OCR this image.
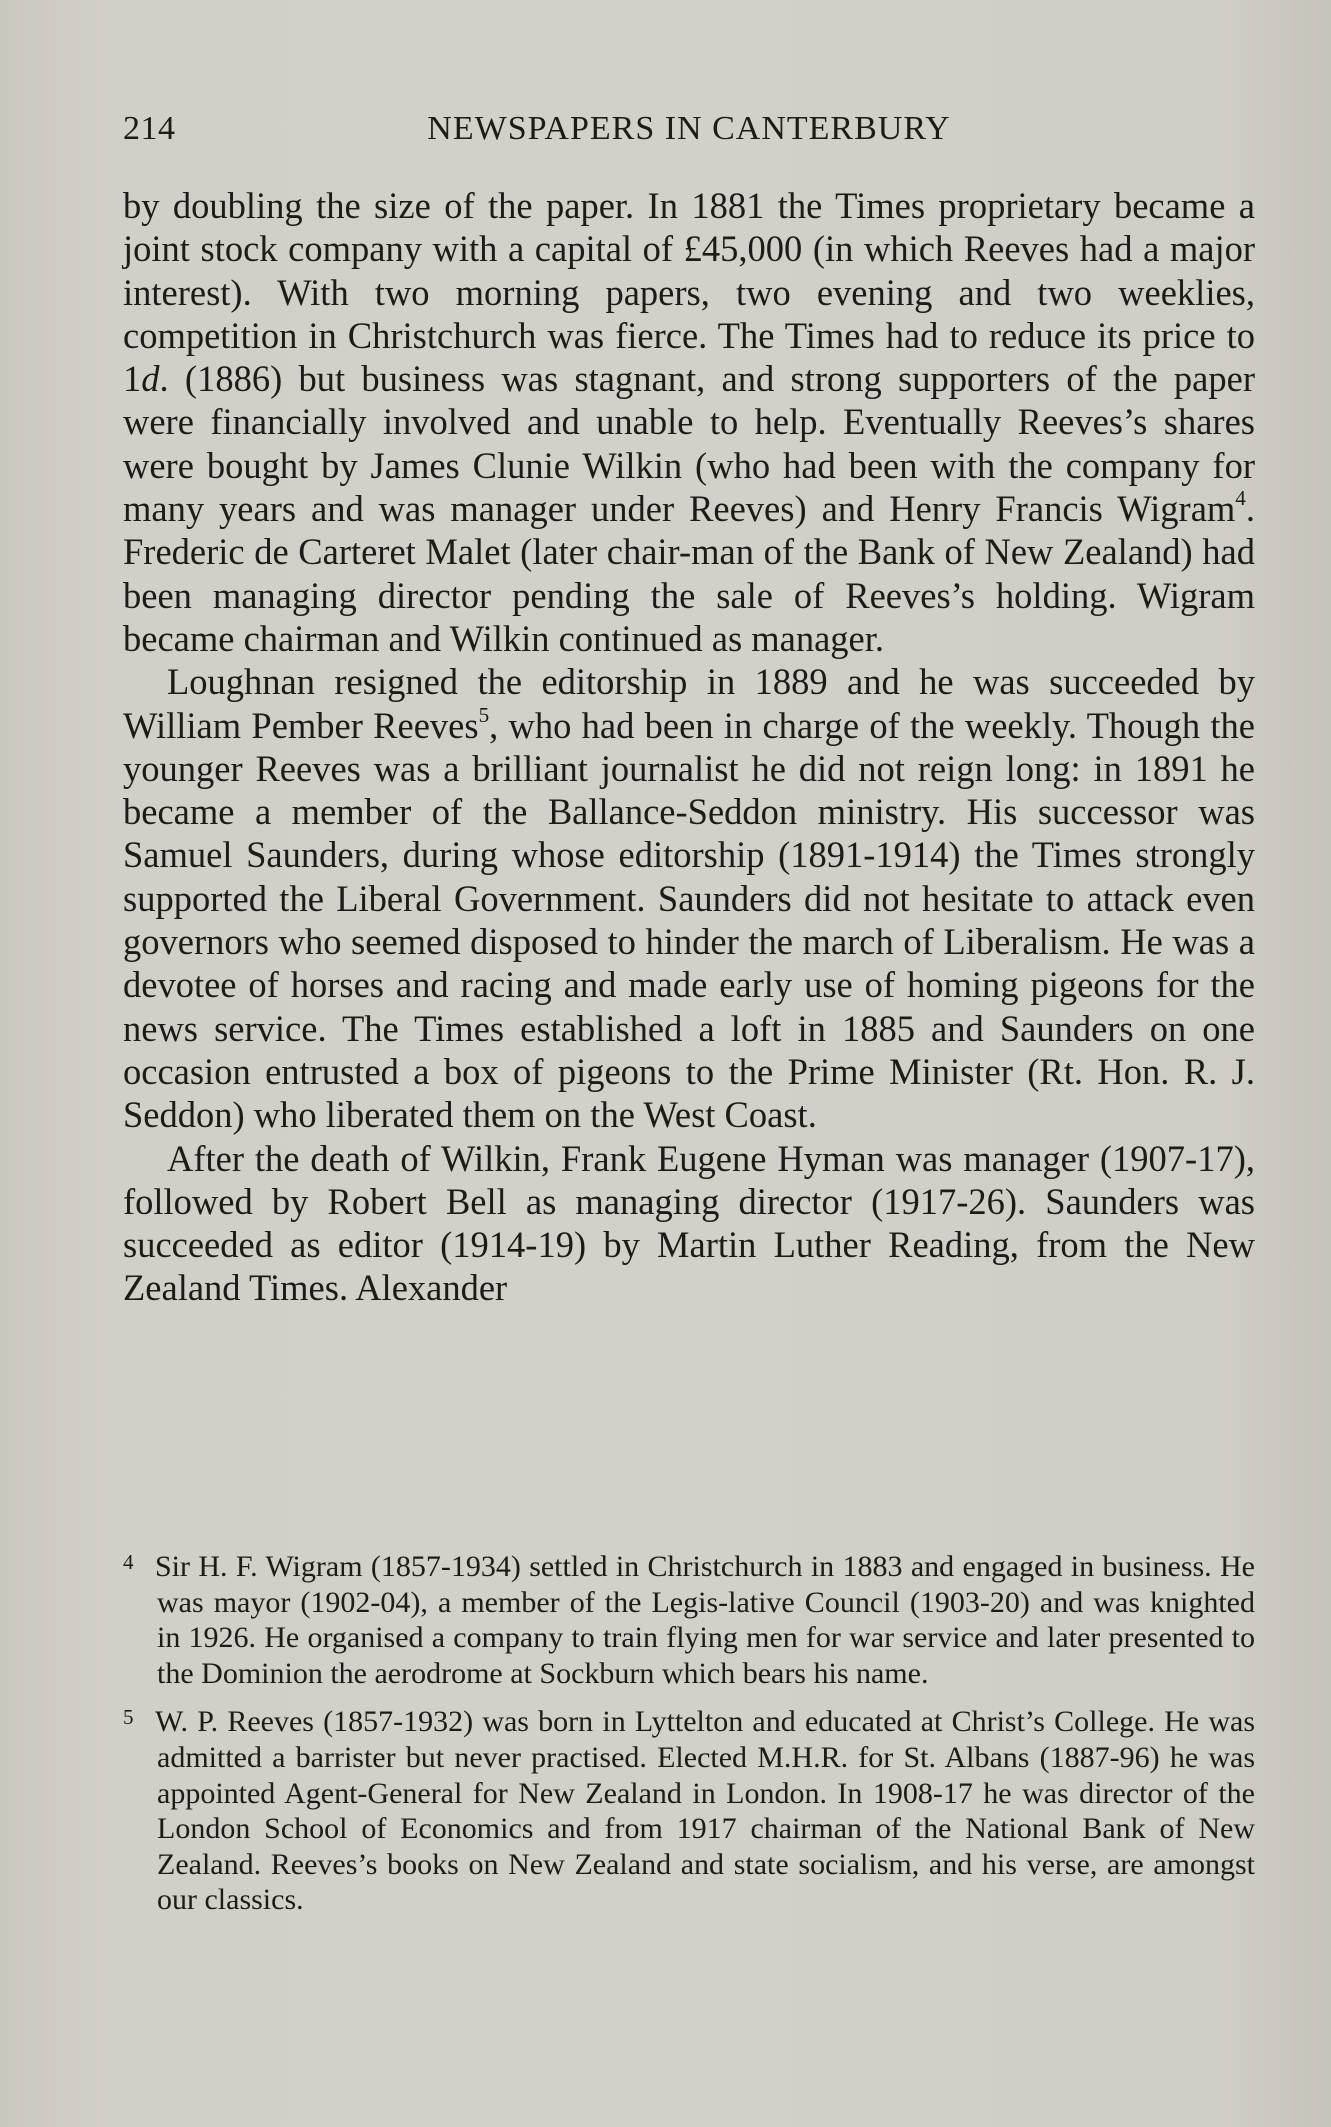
214	NEWSPAPERS IN CANTERBURY

by doubling the size of the paper. In 1881 the Times proprietary became a joint stock company with a capital of £45,000 (in which Reeves had a major interest). With two morning papers, two evening and two weeklies, competition in Christchurch was fierce. The Times had to reduce its price to 1d. (1886) but business was stagnant, and strong supporters of the paper were financially involved and unable to help. Eventually Reeves’s shares were bought by James Clunie Wilkin (who had been with the company for many years and was manager under Reeves) and Henry Francis Wigram$^4$. Frederic de Carteret Malet (later chair-man of the Bank of New Zealand) had been managing director pending the sale of Reeves’s holding. Wigram became chairman and Wilkin continued as manager.

Loughnan resigned the editorship in 1889 and he was succeeded by William Pember Reeves$^5$, who had been in charge of the weekly. Though the younger Reeves was a brilliant journalist he did not reign long: in 1891 he became a member of the Ballance-Seddon ministry. His successor was Samuel Saunders, during whose editorship (1891-1914) the Times strongly supported the Liberal Government. Saunders did not hesitate to attack even governors who seemed disposed to hinder the march of Liberalism. He was a devotee of horses and racing and made early use of homing pigeons for the news service. The Times established a loft in 1885 and Saunders on one occasion entrusted a box of pigeons to the Prime Minister (Rt. Hon. R. J. Seddon) who liberated them on the West Coast.

After the death of Wilkin, Frank Eugene Hyman was manager (1907-17), followed by Robert Bell as managing director (1917-26). Saunders was succeeded as editor (1914-19) by Martin Luther Reading, from the New Zealand Times. Alexander

4 Sir H. F. Wigram (1857-1934) settled in Christchurch in 1883 and engaged in business. He was mayor (1902-04), a member of the Legis-lative Council (1903-20) and was knighted in 1926. He organised a company to train flying men for war service and later presented to the Dominion the aerodrome at Sockburn which bears his name.
5 W. P. Reeves (1857-1932) was born in Lyttelton and educated at Christ’s College. He was admitted a barrister but never practised. Elected M.H.R. for St. Albans (1887-96) he was appointed Agent-General for New Zealand in London. In 1908-17 he was director of the London School of Economics and from 1917 chairman of the National Bank of New Zealand. Reeves’s books on New Zealand and state socialism, and his verse, are amongst our classics.
